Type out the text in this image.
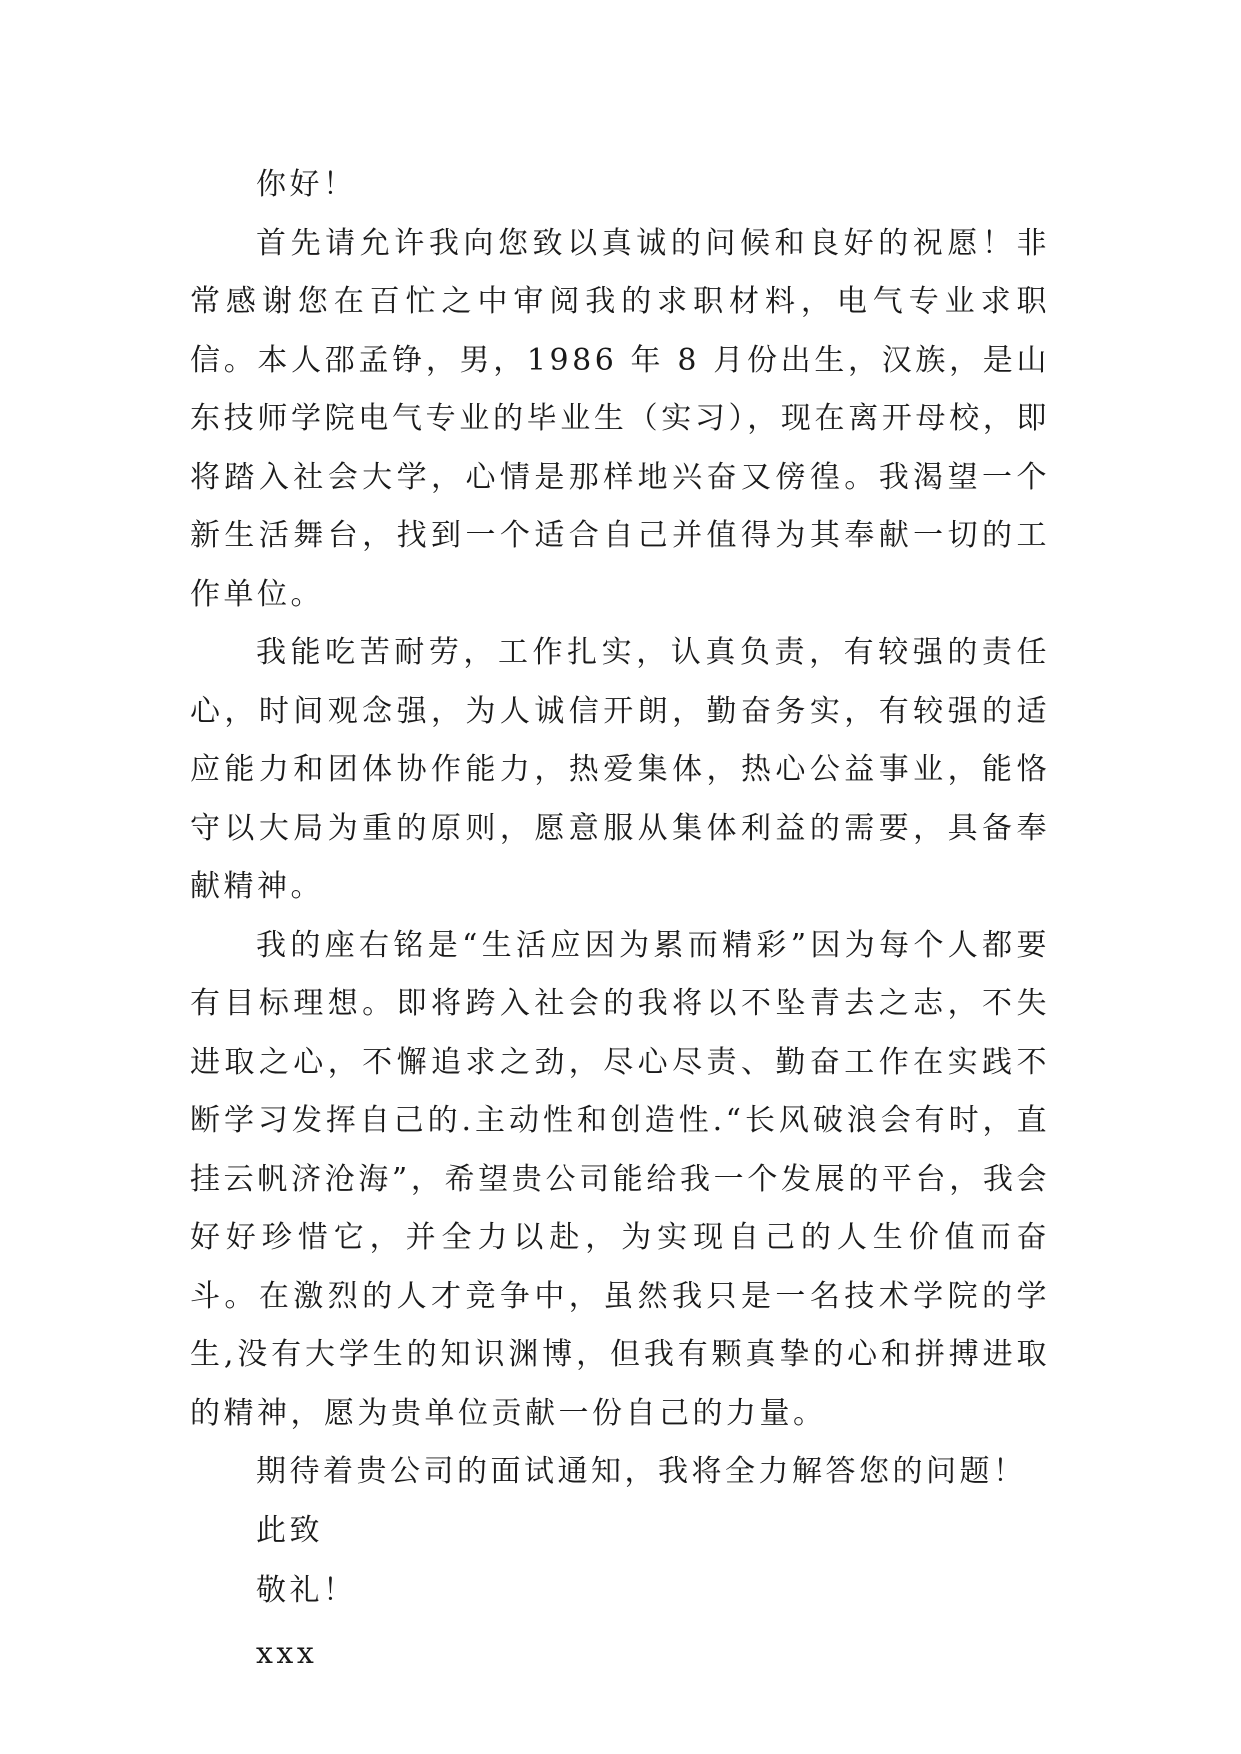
你好！

首先请允许我向您致以真诚的问候和良好的祝愿！非常感谢您在百忙之中审阅我的求职材料，电气专业求职信。本人邵孟铮，男，1986 年 8 月份出生，汉族，是山东技师学院电气专业的毕业生（实习），现在离开母校，即将踏入社会大学，心情是那样地兴奋又傍徨。我渴望一个新生活舞台，找到一个适合自己并值得为其奉献一切的工作单位。

我能吃苦耐劳，工作扎实，认真负责，有较强的责任心，时间观念强，为人诚信开朗，勤奋务实，有较强的适应能力和团体协作能力，热爱集体，热心公益事业，能恪守以大局为重的原则，愿意服从集体利益的需要，具备奉献精神。

我的座右铭是“生活应因为累而精彩”因为每个人都要有目标理想。即将跨入社会的我将以不坠青去之志，不失进取之心，不懈追求之劲，尽心尽责、勤奋工作在实践不断学习发挥自己的.主动性和创造性.“长风破浪会有时，直挂云帆济沧海”，希望贵公司能给我一个发展的平台，我会好好珍惜它，并全力以赴，为实现自己的人生价值而奋斗。在激烈的人才竞争中，虽然我只是一名技术学院的学生,没有大学生的知识渊博，但我有颗真挚的心和拼搏进取的精神，愿为贵单位贡献一份自己的力量。

期待着贵公司的面试通知，我将全力解答您的问题！

此致

敬礼！

xxx
